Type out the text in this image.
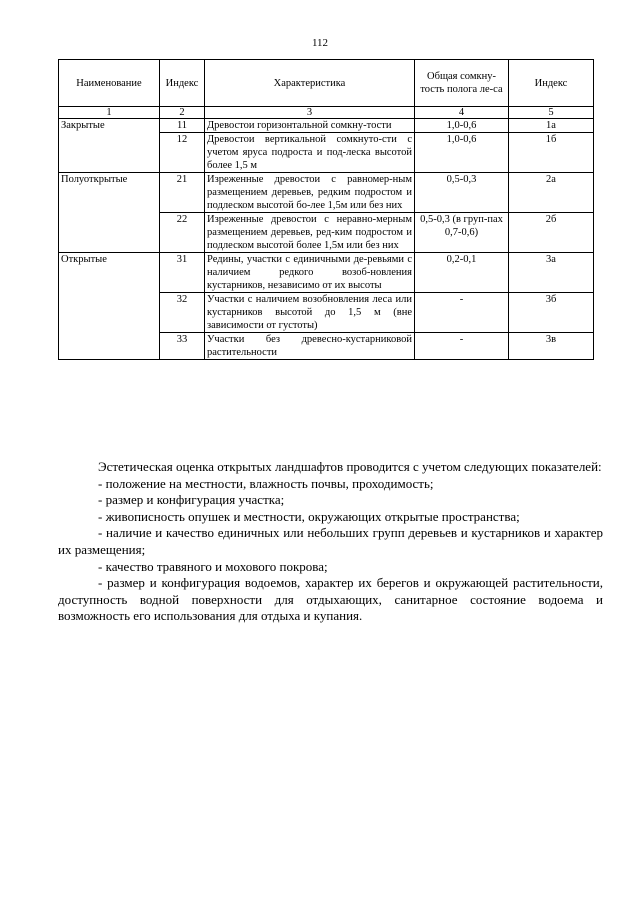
112
Наименование	Индекс	Характеристика	Общая сомкну-тость полога ле-са	Индекс
1	2	3	4	5
Закрытые	11	Древостои горизонтальной сомкну-тости	1,0-0,6	1а
	12	Древостои вертикальной сомкнуто-сти с учетом яруса подроста и под-леска высотой более 1,5 м	1,0-0,6	1б
Полуоткрытые	21	Изреженные древостои с равномер-ным размещением деревьев, редким подростом и подлеском высотой бо-лее 1,5м или без них	0,5-0,3	2а
	22	Изреженные древостои с неравно-мерным размещением деревьев, ред-ким подростом и подлеском высотой более 1,5м или без них	0,5-0,3 (в груп-пах 0,7-0,6)	2б
Открытые	31	Редины, участки с единичными де-ревьями с наличием редкого возоб-новления кустарников, независимо от их высоты	0,2-0,1	3а
	32	Участки с наличием возобновления леса или кустарников высотой до 1,5 м (вне зависимости от густоты)	-	3б
	33	Участки без древесно-кустарниковой растительности	-	3в

Эстетическая оценка открытых ландшафтов проводится с учетом следующих показателей:

- положение на местности, влажность почвы, проходимость;

- размер и конфигурация участка;

- живописность опушек и местности, окружающих открытые пространства;

- наличие и качество единичных или небольших групп деревьев и кустарников и характер их размещения;

- качество травяного и мохового покрова;

- размер и конфигурация водоемов, характер их берегов и окружающей растительности, доступность водной поверхности для отдыхающих, санитарное состояние водоема и возможность его использования для отдыха и купания.
